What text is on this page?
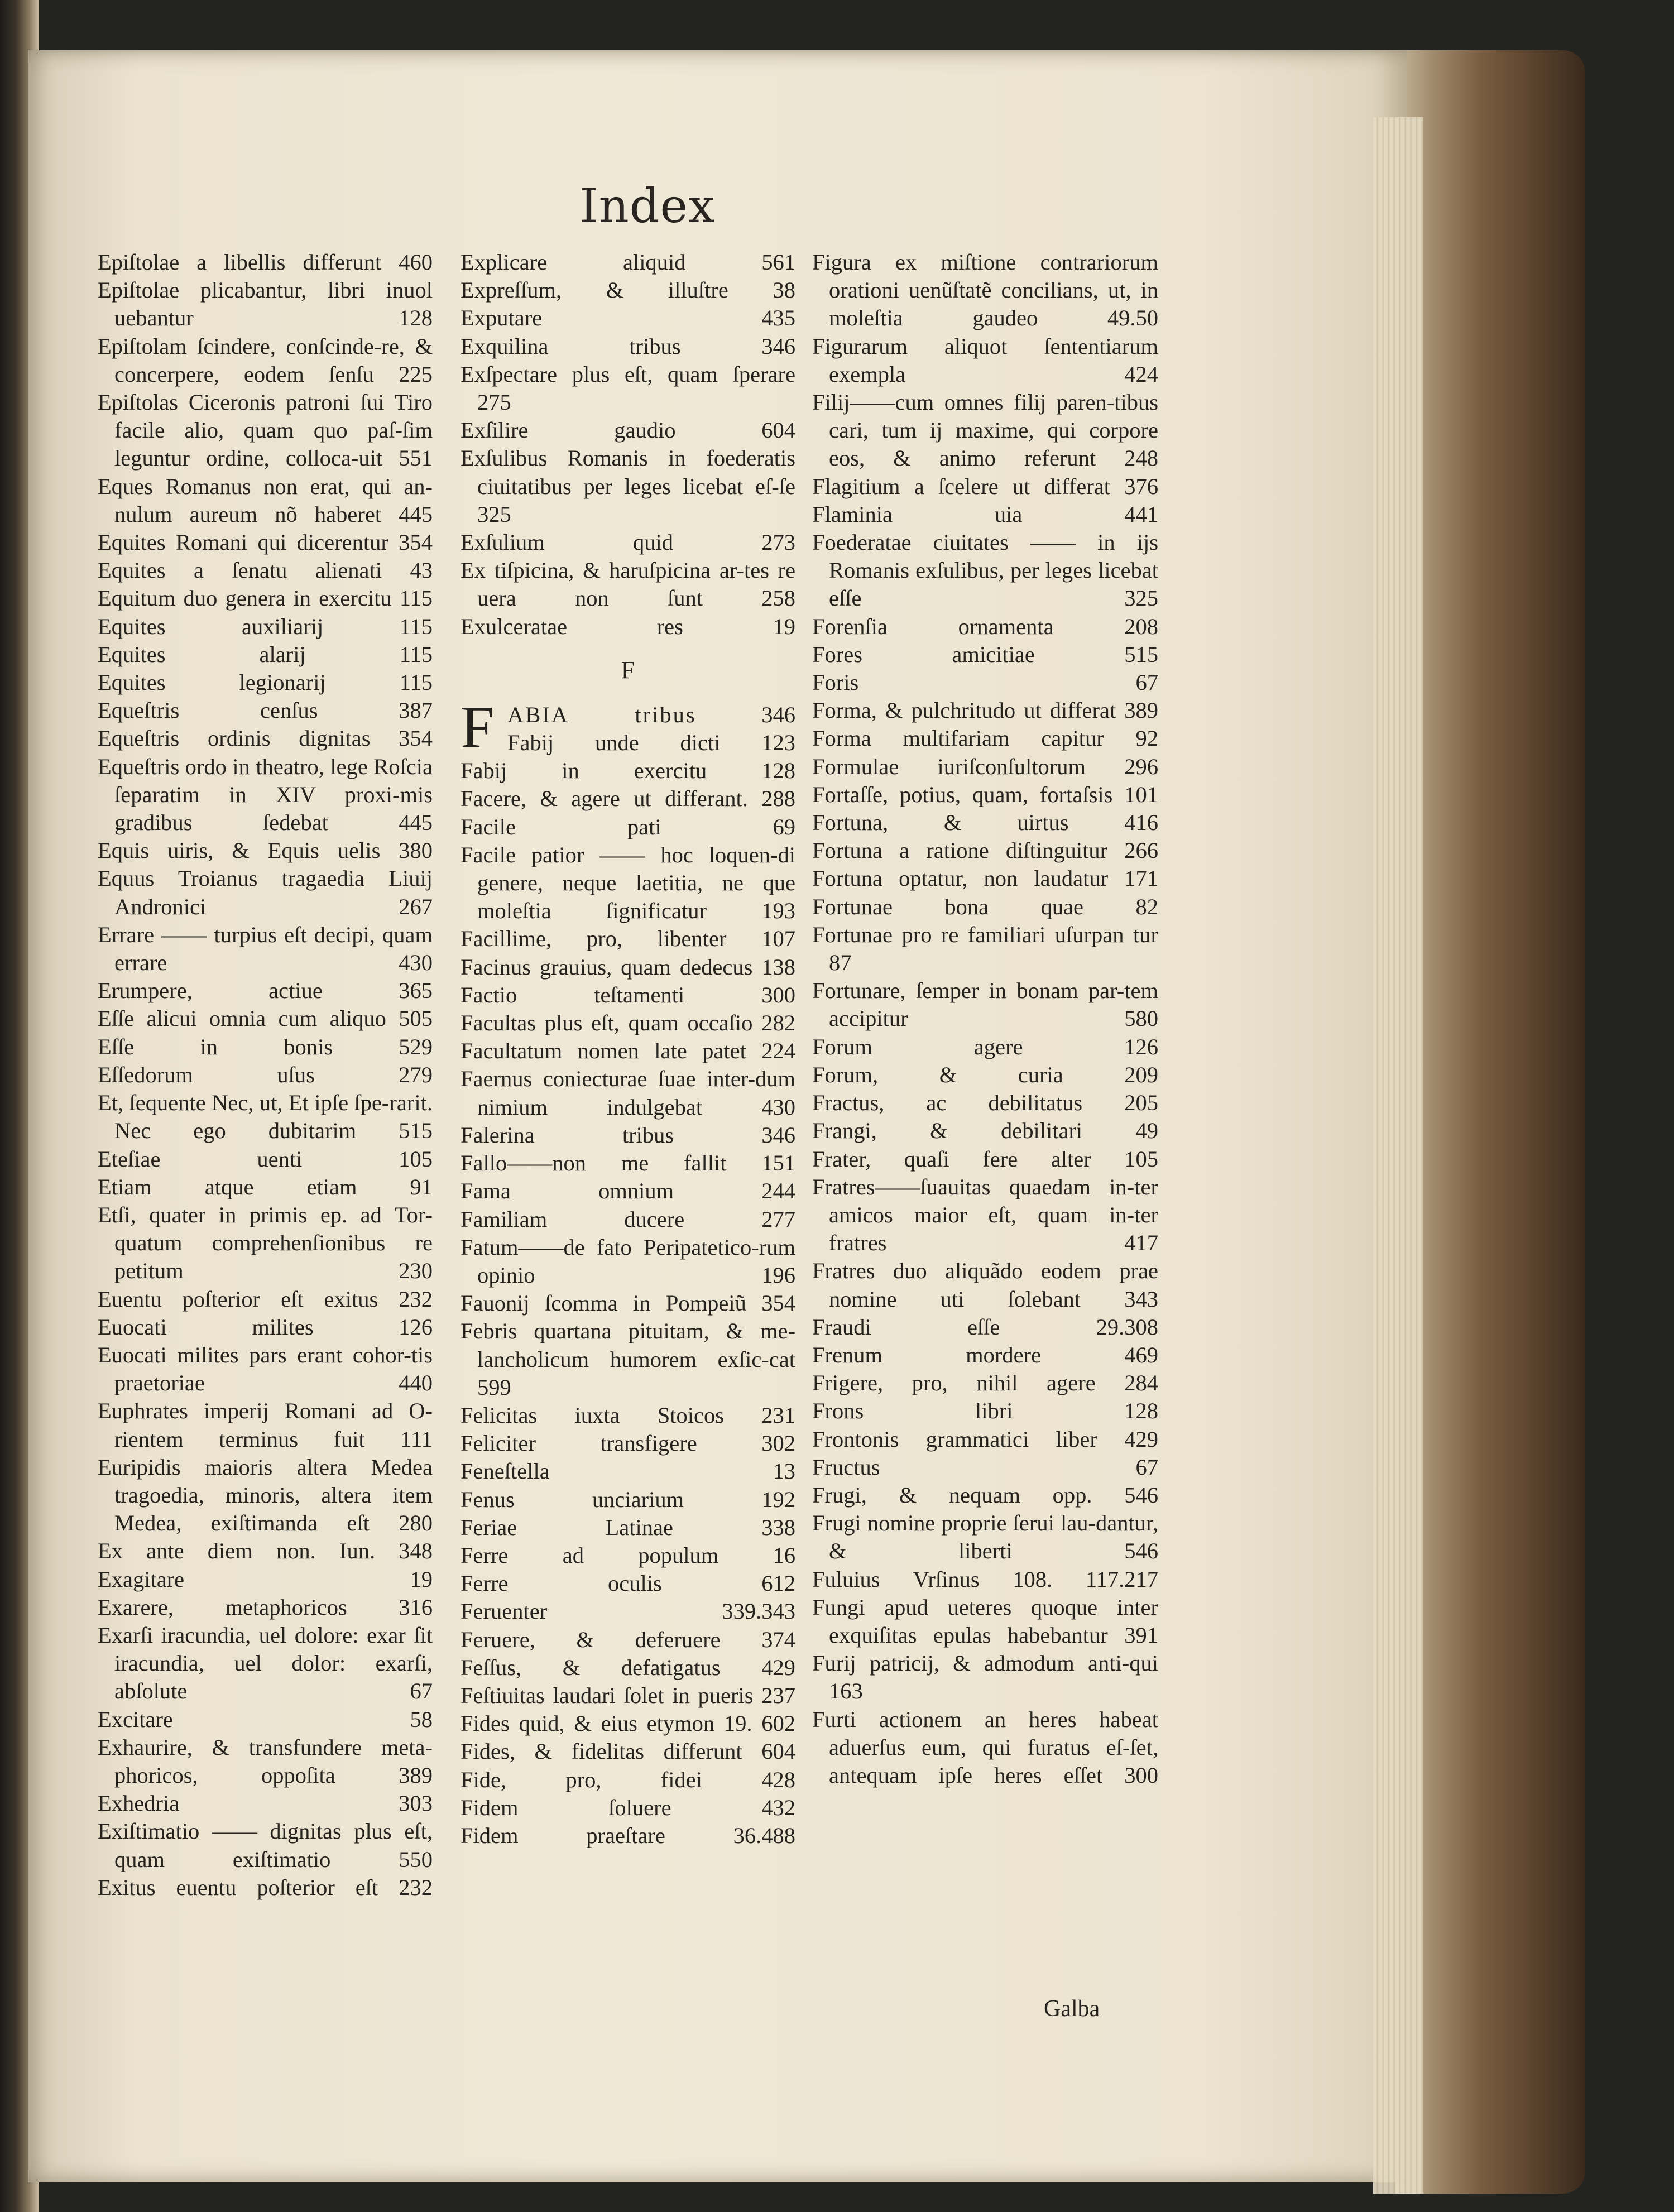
Index
Epiſtolae a libellis differunt 460
Epiſtolae plicabantur, libri inuol uebantur	128
Epiſtolam ſcindere, conſcinde-re, & concerpere, eodem ſenſu 225
Epiſtolas Ciceronis patroni ſui Tiro facile alio, quam quo paſ-ſim leguntur ordine, colloca-uit 551
Eques Romanus non erat, qui an-nulum aureum nõ haberet 445
Equites Romani qui dicerentur 354
Equites a ſenatu alienati 43
Equitum duo genera in exercitu 115
Equites auxiliarij	115
Equites alarij	115
Equites legionarij	115
Equeſtris cenſus	387
Equeſtris ordinis dignitas 354
Equeſtris ordo in theatro, lege Roſcia ſeparatim in XIV proxi-mis gradibus ſedebat	445
Equis uiris, & Equis uelis 380
Equus Troianus tragaedia Liuij Andronici	267
Errare —— turpius eſt decipi, quam errare	430
Erumpere, actiue	365
Eſſe alicui omnia cum aliquo 505
Eſſe in bonis	529
Eſſedorum uſus	279
Et, ſequente Nec, ut, Et ipſe ſpe-rarit. Nec ego dubitarim 515
Eteſiae uenti	105
Etiam atque etiam 91
Etſi, quater in primis ep. ad Tor-quatum comprehenſionibus re petitum	230
Euentu poſterior eſt exitus 232
Euocati milites	126
Euocati milites pars erant cohor-tis praetoriae	440
Euphrates imperij Romani ad O-rientem terminus fuit 111
Euripidis maioris altera Medea tragoedia, minoris, altera item Medea, exiſtimanda eſt 280
Ex ante diem non. Iun. 348
Exagitare	19
Exarere, metaphoricos 316
Exarſi iracundia, uel dolore: exar ſit iracundia, uel dolor: exarſi, abſolute	67
Excitare	58
Exhaurire, & transfundere meta-phoricos, oppoſita	389
Exhedria	303
Exiſtimatio —— dignitas plus eſt, quam exiſtimatio	550
Exitus euentu poſterior eſt 232
Explicare aliquid	561
Expreſſum, & illuſtre 38
Exputare	435
Exquilina tribus	346
Exſpectare plus eſt, quam ſperare 275
Exſilire gaudio	604
Exſulibus Romanis in foederatis ciuitatibus per leges licebat eſ-ſe 325
Exſulium quid	273
Ex tiſpicina, & haruſpicina ar-tes re uera non ſunt	258
Exulceratae res	19
F
F ABIA tribus	346
Fabij unde dicti 123
Fabij in exercitu 128
Facere, & agere ut differant. 288
Facile pati	69
Facile patior —— hoc loquen-di genere, neque laetitia, ne que moleſtia ſignificatur 193
Facillime, pro, libenter 107
Facinus grauius, quam dedecus 138
Factio teſtamenti	300
Facultas plus eſt, quam occaſio 282
Facultatum nomen late patet 224
Faernus coniecturae ſuae inter-dum nimium indulgebat	430
Falerina tribus	346
Fallo——non me fallit 151
Fama omnium	244
Familiam ducere	277
Fatum——de fato Peripatetico-rum opinio	196
Fauonij ſcomma in Pompeiũ 354
Febris quartana pituitam, & me-lancholicum humorem exſic-cat 599
Felicitas iuxta Stoicos 231
Feliciter transfigere	302
Feneſtella	13
Fenus unciarium	192
Feriae Latinae	338
Ferre ad populum 16
Ferre oculis	612
Feruenter	339.343
Feruere, & deferuere 374
Feſſus, & defatigatus 429
Feſtiuitas laudari ſolet in pueris 237
Fides quid, & eius etymon 19. 602
Fides, & fidelitas differunt 604
Fide, pro, fidei	428
Fidem ſoluere	432
Fidem praeſtare	36.488
Figura ex miſtione contrariorum orationi uenũſtatẽ concilians, ut, in moleſtia gaudeo	49.50
Figurarum aliquot ſententiarum exempla	424
Filij——cum omnes filij paren-tibus cari, tum ij maxime, qui corpore eos, & animo referunt 248
Flagitium a ſcelere ut differat 376
Flaminia uia	441
Foederatae ciuitates —— in ijs Romanis exſulibus, per leges licebat eſſe	325
Forenſia ornamenta	208
Fores amicitiae	515
Foris	67
Forma, & pulchritudo ut differat 389
Forma multifariam capitur 92
Formulae iuriſconſultorum 296
Fortaſſe, potius, quam, fortaſsis 101
Fortuna, & uirtus 416
Fortuna a ratione diſtinguitur 266
Fortuna optatur, non laudatur 171
Fortunae bona quae 82
Fortunae pro re familiari uſurpan tur 87
Fortunare, ſemper in bonam par-tem accipitur	580
Forum agere	126
Forum, & curia	209
Fractus, ac debilitatus 205
Frangi, & debilitari 49
Frater, quaſi fere alter 105
Fratres——ſuauitas quaedam in-ter amicos maior eſt, quam in-ter fratres	417
Fratres duo aliquãdo eodem prae nomine uti ſolebant 343
Fraudi eſſe	29.308
Frenum mordere	469
Frigere, pro, nihil agere 284
Frons libri	128
Frontonis grammatici liber 429
Fructus	67
Frugi, & nequam opp. 546
Frugi nomine proprie ſerui lau-dantur, & liberti	546
Fuluius Vrſinus 108. 117.217
Fungi apud ueteres quoque inter exquiſitas epulas habebantur 391
Furij patricij, & admodum anti-qui 163
Furti actionem an heres habeat aduerſus eum, qui furatus eſ-ſet, antequam ipſe heres eſſet 300
Galba
